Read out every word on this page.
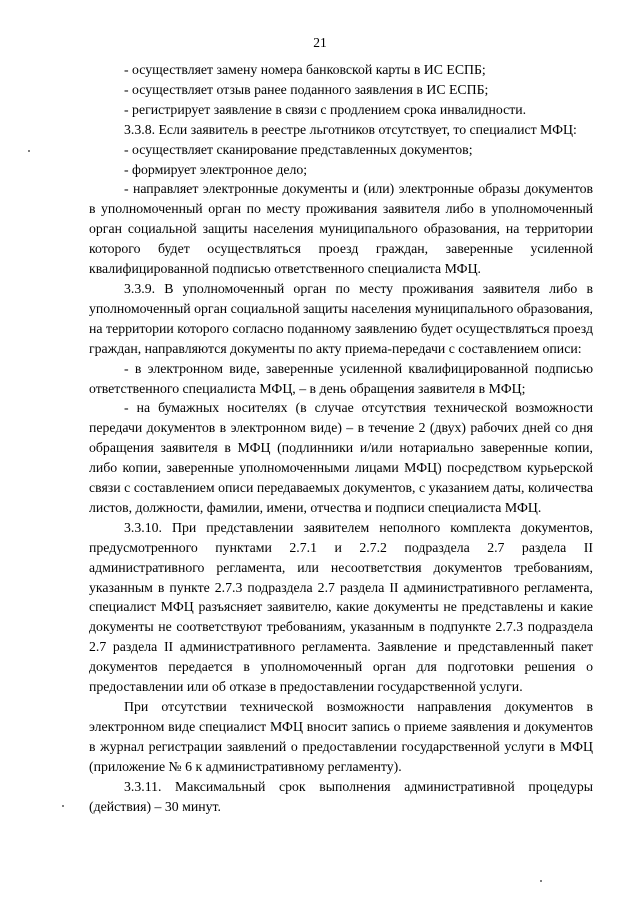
21

- осуществляет замену номера банковской карты в ИС ЕСПБ;

- осуществляет отзыв ранее поданного заявления в ИС ЕСПБ;

- регистрирует заявление в связи с продлением срока инвалидности.

3.3.8. Если заявитель в реестре льготников отсутствует, то специалист МФЦ:

- осуществляет сканирование представленных документов;

- формирует электронное дело;

- направляет электронные документы и (или) электронные образы документов в уполномоченный орган по месту проживания заявителя либо в уполномоченный орган социальной защиты населения муниципального образования, на территории которого будет осуществляться проезд граждан, заверенные усиленной квалифицированной подписью ответственного специалиста МФЦ.

3.3.9. В уполномоченный орган по месту проживания заявителя либо в уполномоченный орган социальной защиты населения муниципального образования, на территории которого согласно поданному заявлению будет осуществляться проезд граждан, направляются документы по акту приема-передачи с составлением описи:

- в электронном виде, заверенные усиленной квалифицированной подписью ответственного специалиста МФЦ, – в день обращения заявителя в МФЦ;

- на бумажных носителях (в случае отсутствия технической возможности передачи документов в электронном виде) – в течение 2 (двух) рабочих дней со дня обращения заявителя в МФЦ (подлинники и/или нотариально заверенные копии, либо копии, заверенные уполномоченными лицами МФЦ) посредством курьерской связи с составлением описи передаваемых документов, с указанием даты, количества листов, должности, фамилии, имени, отчества и подписи специалиста МФЦ.

3.3.10. При представлении заявителем неполного комплекта документов, предусмотренного пунктами 2.7.1 и 2.7.2 подраздела 2.7 раздела II административного регламента, или несоответствия документов требованиям, указанным в пункте 2.7.3 подраздела 2.7 раздела II административного регламента, специалист МФЦ разъясняет заявителю, какие документы не представлены и какие документы не соответствуют требованиям, указанным в подпункте 2.7.3 подраздела 2.7 раздела II административного регламента. Заявление и представленный пакет документов передается в уполномоченный орган для подготовки решения о предоставлении или об отказе в предоставлении государственной услуги.

При отсутствии технической возможности направления документов в электронном виде специалист МФЦ вносит запись о приеме заявления и документов в журнал регистрации заявлений о предоставлении государственной услуги в МФЦ (приложение № 6 к административному регламенту).

3.3.11. Максимальный срок выполнения административной процедуры (действия) – 30 минут.
